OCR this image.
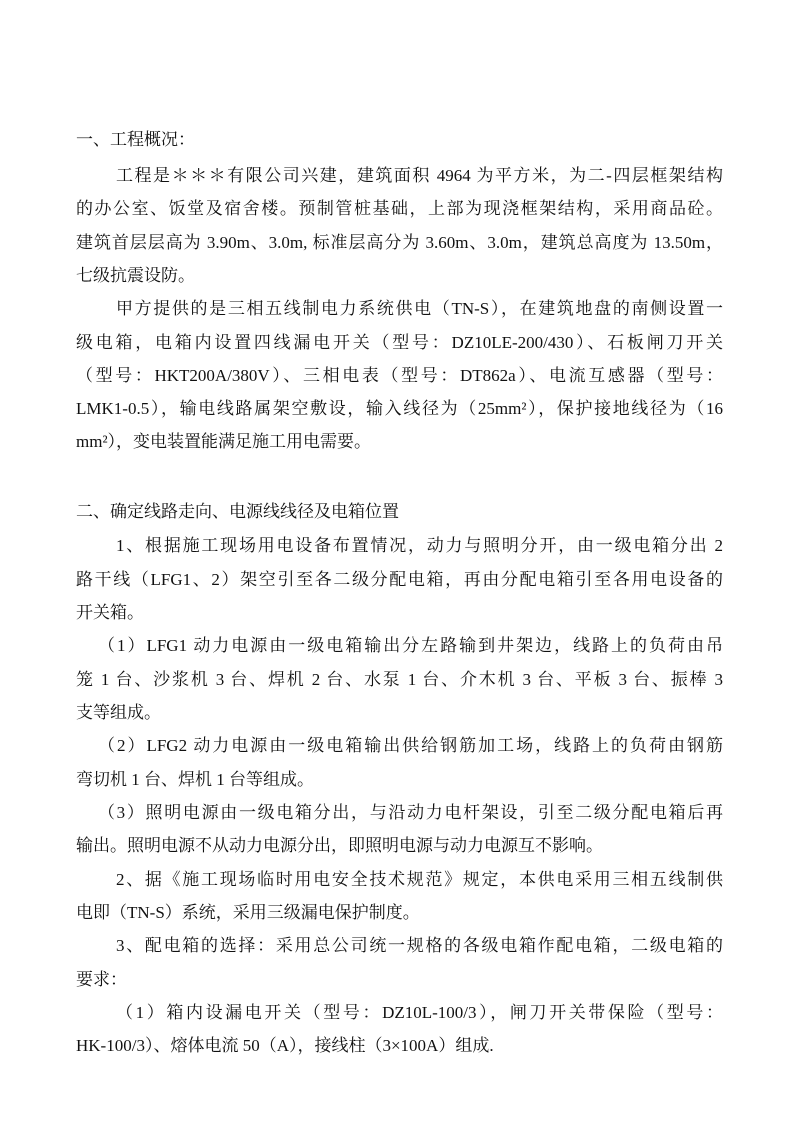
一、工程概况：
工程是＊＊＊有限公司兴建，建筑面积 4964 为平方米，为二-四层框架结构
的办公室、饭堂及宿舍楼。预制管桩基础，上部为现浇框架结构，采用商品砼。
建筑首层层高为 3.90m、3.0m, 标准层高分为 3.60m、3.0m，建筑总高度为 13.50m，
七级抗震设防。
甲方提供的是三相五线制电力系统供电（TN-S），在建筑地盘的南侧设置一
级电箱，电箱内设置四线漏电开关（型号：DZ10LE-200/430）、石板闸刀开关
（型号：HKT200A/380V）、三相电表（型号：DT862a）、电流互感器（型号：
LMK1-0.5），输电线路属架空敷设，输入线径为（25mm²），保护接地线径为（16
mm²），变电装置能满足施工用电需要。
二、确定线路走向、电源线线径及电箱位置
1、根据施工现场用电设备布置情况，动力与照明分开，由一级电箱分出 2
路干线（LFG1、2）架空引至各二级分配电箱，再由分配电箱引至各用电设备的
开关箱。
（1）LFG1 动力电源由一级电箱输出分左路输到井架边，线路上的负荷由吊
笼 1 台、沙浆机 3 台、焊机 2 台、水泵 1 台、介木机 3 台、平板 3 台、振棒 3
支等组成。
（2）LFG2 动力电源由一级电箱输出供给钢筋加工场，线路上的负荷由钢筋
弯切机 1 台、焊机 1 台等组成。
（3）照明电源由一级电箱分出，与沿动力电杆架设，引至二级分配电箱后再
输出。照明电源不从动力电源分出，即照明电源与动力电源互不影响。
2、据《施工现场临时用电安全技术规范》规定，本供电采用三相五线制供
电即（TN-S）系统，采用三级漏电保护制度。
3、配电箱的选择：采用总公司统一规格的各级电箱作配电箱，二级电箱的
要求：
（1）箱内设漏电开关（型号：DZ10L-100/3），闸刀开关带保险（型号：
HK-100/3）、熔体电流 50（A），接线柱（3×100A）组成.
